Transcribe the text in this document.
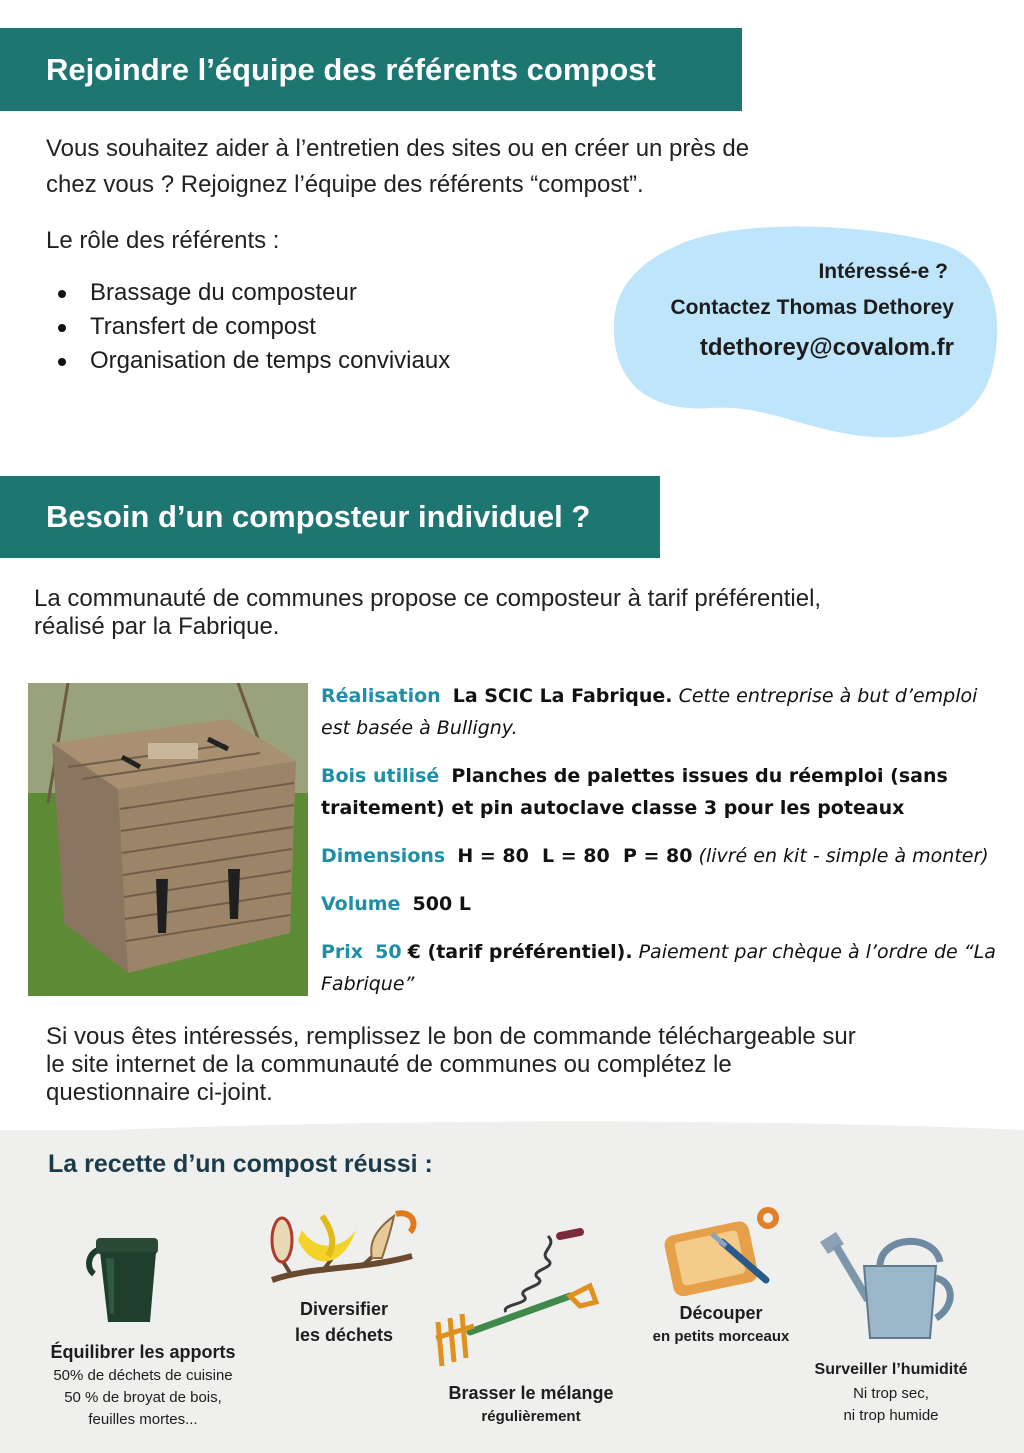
Rejoindre l’équipe des référents compost
Vous souhaitez aider à l’entretien des sites ou en créer un près de
chez vous ? Rejoignez l’équipe des référents “compost”.
Le rôle des référents :
Brassage du composteur
Transfert de compost
Organisation de temps conviviaux
Intéressé-e ?
Contactez Thomas Dethorey
tdethorey@covalom.fr
Besoin d’un composteur individuel ?
La communauté de communes propose ce composteur à tarif préférentiel,
réalisé par la Fabrique.
Réalisation La SCIC La Fabrique. Cette entreprise à but d’emploi est basée à Bulligny.
Bois utilisé Planches de palettes issues du réemploi (sans traitement) et pin autoclave classe 3 pour les poteaux
Dimensions H = 80  L = 80  P = 80 (livré en kit - simple à monter)
Volume 500 L
Prix 50 € (tarif préférentiel). Paiement par chèque à l’ordre de “La Fabrique”
Si vous êtes intéressés, remplissez le bon de commande téléchargeable sur
le site internet de la communauté de communes ou complétez le
questionnaire ci-joint.
La recette d’un compost réussi :
Équilibrer les apports
50% de déchets de cuisine
50 % de broyat de bois,
feuilles mortes...
Diversifier
les déchets
Brasser le mélange
régulièrement
Découper
en petits morceaux
Surveiller l’humidité
Ni trop sec,
ni trop humide
